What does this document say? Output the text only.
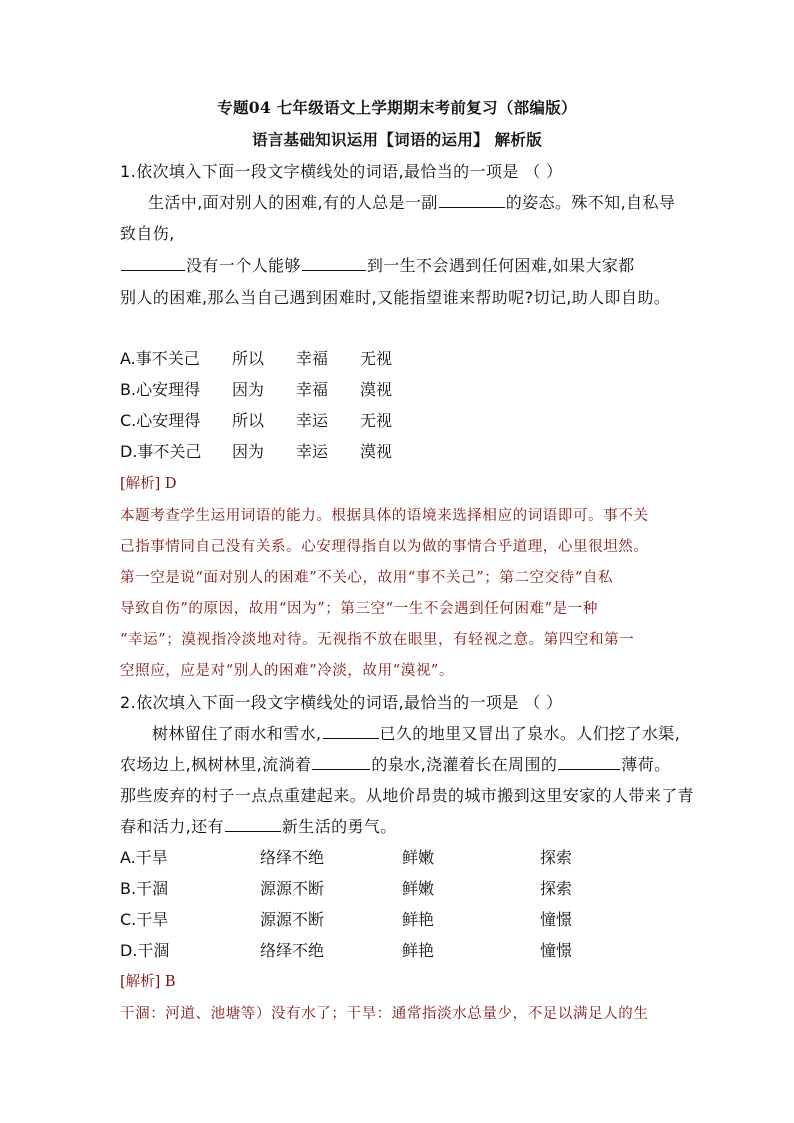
专题04 七年级语文上学期期末考前复习（部编版）
语言基础知识运用【词语的运用】 解析版
1.依次填入下面一段文字横线处的词语,最恰当的一项是 （ ）
生活中,面对别人的困难,有的人总是一副	的姿态。殊不知,自私导
致自伤,
没有一个人能够	到一生不会遇到任何困难,如果大家都
别人的困难,那么当自己遇到困难时,又能指望谁来帮助呢?切记,助人即自助。
A.事不关己 所以 幸福 无视
B.心安理得 因为 幸福 漠视
C.心安理得 所以 幸运 无视
D.事不关己 因为 幸运 漠视
[解析] D
本题考查学生运用词语的能力。根据具体的语境来选择相应的词语即可。事不关
己指事情同自己没有关系。心安理得指自以为做的事情合乎道理，心里很坦然。
第一空是说“面对别人的困难”不关心，故用“事不关己”；第二空交待“自私
导致自伤”的原因，故用“因为”；第三空“一生不会遇到任何困难”是一种
“幸运”；漠视指冷淡地对待。无视指不放在眼里，有轻视之意。第四空和第一
空照应，应是对“别人的困难”冷淡，故用“漠视”。
2.依次填入下面一段文字横线处的词语,最恰当的一项是 （ ）
树林留住了雨水和雪水,	已久的地里又冒出了泉水。人们挖了水渠,
农场边上,枫树林里,流淌着	的泉水,浇灌着长在周围的	薄荷。
那些废弃的村子一点点重建起来。从地价昂贵的城市搬到这里安家的人带来了青
春和活力,还有	新生活的勇气。
A.干旱	络绎不绝	鲜嫩	探索
B.干涸	源源不断	鲜嫩	探索
C.干旱	源源不断	鲜艳	憧憬
D.干涸	络绎不绝	鲜艳	憧憬
[解析] B
干涸：河道、池塘等）没有水了；干旱：通常指淡水总量少，不足以满足人的生
